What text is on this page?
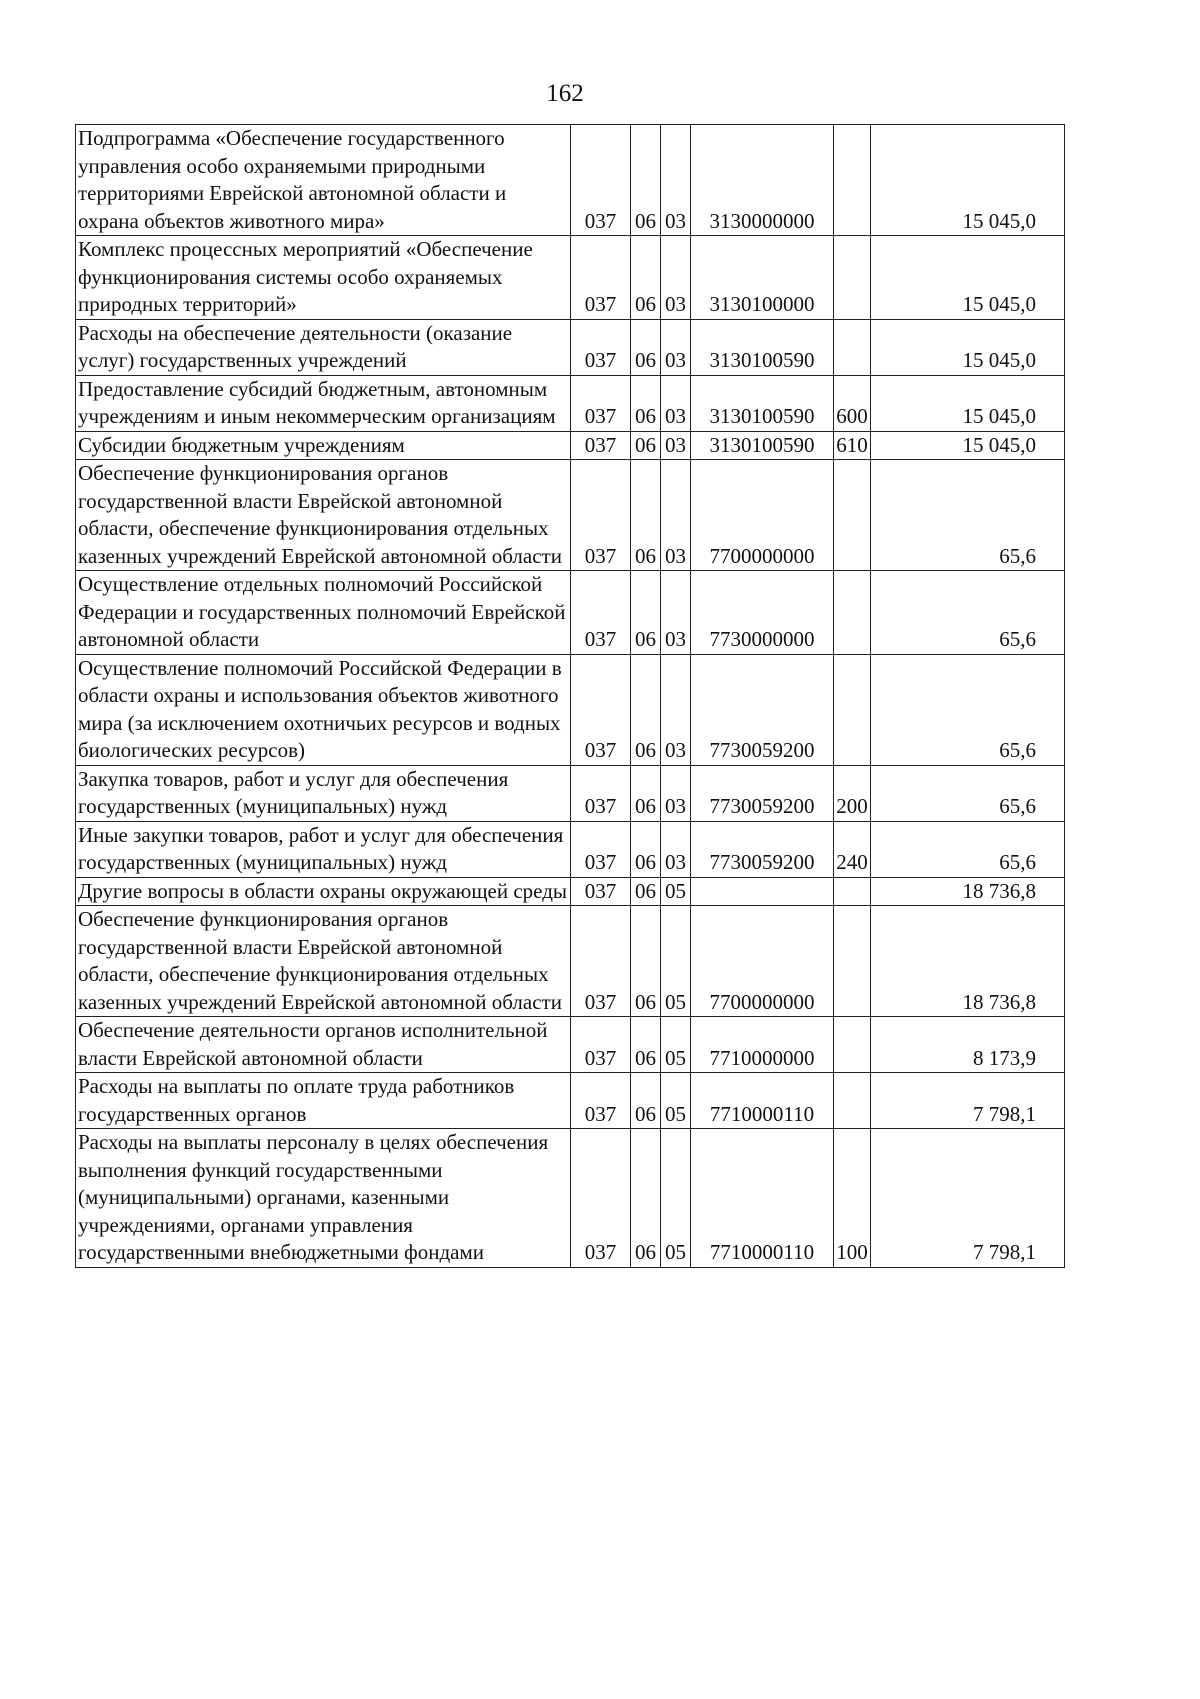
162
Подпрограмма «Обеспечение государственного управления особо охраняемыми природными территориями Еврейской автономной области и охрана объектов животного мира»	037	06	03	3130000000		15 045,0
Комплекс процессных мероприятий «Обеспечение функционирования системы особо охраняемых природных территорий»	037	06	03	3130100000		15 045,0
Расходы на обеспечение деятельности (оказание услуг) государственных учреждений	037	06	03	3130100590		15 045,0
Предоставление субсидий бюджетным, автономным учреждениям и иным некоммерческим организациям	037	06	03	3130100590	600	15 045,0
Субсидии бюджетным учреждениям	037	06	03	3130100590	610	15 045,0
Обеспечение функционирования органов государственной власти Еврейской автономной области, обеспечение функционирования отдельных казенных учреждений Еврейской автономной области	037	06	03	7700000000		65,6
Осуществление отдельных полномочий Российской Федерации и государственных полномочий Еврейской автономной области	037	06	03	7730000000		65,6
Осуществление полномочий Российской Федерации в области охраны и использования объектов животного мира (за исключением охотничьих ресурсов и водных биологических ресурсов)	037	06	03	7730059200		65,6
Закупка товаров, работ и услуг для обеспечения государственных (муниципальных) нужд	037	06	03	7730059200	200	65,6
Иные закупки товаров, работ и услуг для обеспечения государственных (муниципальных) нужд	037	06	03	7730059200	240	65,6
Другие вопросы в области охраны окружающей среды	037	06	05			18 736,8
Обеспечение функционирования органов государственной власти Еврейской автономной области, обеспечение функционирования отдельных казенных учреждений Еврейской автономной области	037	06	05	7700000000		18 736,8
Обеспечение деятельности органов исполнительной власти Еврейской автономной области	037	06	05	7710000000		8 173,9
Расходы на выплаты по оплате труда работников государственных органов	037	06	05	7710000110		7 798,1
Расходы на выплаты персоналу в целях обеспечения выполнения функций государственными (муниципальными) органами, казенными учреждениями, органами управления государственными внебюджетными фондами	037	06	05	7710000110	100	7 798,1
